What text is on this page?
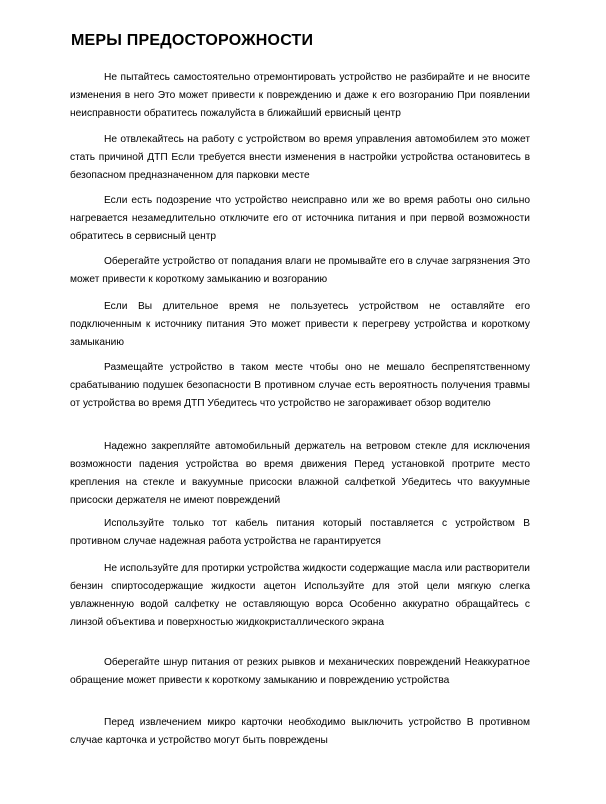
МЕРЫ ПРЕДОСТОРОЖНОСТИ

Не пытайтесь самостоятельно отремонтировать устройство не разбирайте и не вносите изменения в него Это может привести к повреждению и даже к его возгоранию При появлении неисправности обратитесь пожалуйста в ближайший ервисный центр

Не отвлекайтесь на работу с устройством во время управления автомобилем это может стать причиной ДТП Если требуется внести изменения в настройки устройства остановитесь в безопасном предназначенном для парковки месте

Если есть подозрение что устройство неисправно или же во время работы оно сильно нагревается незамедлительно отключите его от источника питания и при первой возможности обратитесь в сервисный центр

Оберегайте устройство от попадания влаги не промывайте его в случае загрязнения Это может привести к короткому замыканию и возгоранию

Если Вы длительное время не пользуетесь устройством не оставляйте его подключенным к источнику питания Это может привести к перегреву устройства и короткому замыканию

Размещайте устройство в таком месте чтобы оно не мешало беспрепятственному срабатыванию подушек безопасности В противном случае есть вероятность получения травмы от устройства во время ДТП Убедитесь что устройство не загораживает обзор водителю

Надежно закрепляйте автомобильный держатель на ветровом стекле для исключения возможности падения устройства во время движения Перед установкой протрите место крепления на стекле и вакуумные присоски влажной салфеткой Убедитесь что вакуумные присоски держателя не имеют повреждений

Используйте только тот кабель питания который поставляется с устройством В противном случае надежная работа устройства не гарантируется

Не используйте для протирки устройства жидкости содержащие масла или растворители бензин спиртосодержащие жидкости ацетон Используйте для этой цели мягкую слегка увлажненную водой салфетку не оставляющую ворса Особенно аккуратно обращайтесь с линзой объектива и поверхностью жидкокристаллического экрана

Оберегайте шнур питания от резких рывков и механических повреждений Неаккуратное обращение может привести к короткому замыканию и повреждению устройства

Перед извлечением микро карточки необходимо выключить устройство В противном случае карточка и устройство могут быть повреждены
